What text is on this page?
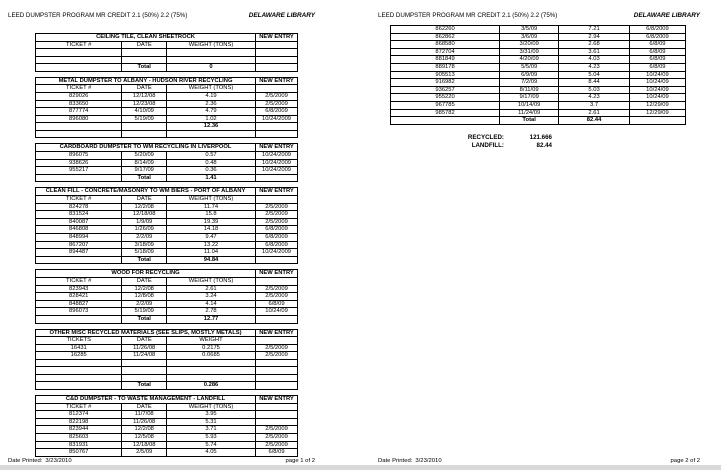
LEED DUMPSTER PROGRAM MR CREDIT 2.1 (50%) 2.2 (75%)	DELAWARE LIBRARY
CEILING TILE, CLEAN SHEETROCK			NEW ENTRY
TICKET #	DATE	WEIGHT (TONS)	

	Total	0	
METAL DUMPSTER TO ALBANY - HUDSON RIVER RECYCLING			NEW ENTRY
TICKET #	DATE	WEIGHT (TONS)	
829026	12/12/08	4.19	2/5/2009
833650	12/23/08	2.36	2/5/2009
877774	4/10/09	4.79	6/8/2009
896080	5/19/09	1.02	10/24/2009
		12.36	

CARDBOARD DUMPSTER TO WM RECYCLING IN LIVERPOOL			NEW ENTRY
896075	5/20/09	0.57	10/24/2009
938626	8/14/09	0.48	10/24/2009
955217	9/17/09	0.36	10/24/2009
	Total	1.41	
CLEAN FILL - CONCRETE/MASONRY TO WM BIERS - PORT OF ALBANY			NEW ENTRY
TICKET #	DATE	WEIGHT (TONS)	
824278	12/2/08	11.74	2/5/2009
831524	12/18/08	15.8	2/5/2009
840087	1/9/09	19.39	2/5/2009
846808	1/26/09	14.18	6/8/2009
848994	2/2/09	9.47	6/8/2009
867207	3/18/09	13.22	6/8/2009
894487	5/18/09	11.04	10/24/2009
	Total	94.84	
WOOD FOR RECYCLING			NEW ENTRY
TICKET #	DATE	WEIGHT (TONS)	
823943	12/2/08	2.61	2/5/2009
828421	12/8/08	3.24	2/5/2009
848827	2/2/09	4.14	6/8/09
896073	5/19/09	2.78	10/24/09
	Total	12.77	
OTHER MISC RECYCLED MATERIALS (SEE SLIPS, MOSTLY METALS)			NEW ENTRY
TICKETS	DATE	WEIGHT	
16431	11/26/08	0.2175	2/5/2009
16285	11/24/08	0.0685	2/5/2009

	Total	0.286	
C&D DUMPSTER - TO WASTE MANAGEMENT - LANDFILL			NEW ENTRY
TICKET #	DATE	WEIGHT (TONS)	
812374	11/7/08	3.95	
822198	11/26/08	5.31	
823944	12/2/08	3.71	2/5/2009
825603	12/5/08	5.93	2/5/2009
831931	12/18/08	5.74	2/5/2009
850767	2/5/09	4.05	6/8/09
Date Printed: 3/23/2010	page 1 of 2
LEED DUMPSTER PROGRAM MR CREDIT 2.1 (50%) 2.2 (75%)	DELAWARE LIBRARY
862260	3/5/09	7.21	6/8/2009
862862	3/6/09	2.94	6/8/2009
868580	3/20/09	2.68	6/8/09
872704	3/31/09	3.61	6/8/09
881849	4/20/09	4.03	6/8/09
889178	5/5/09	4.23	6/8/09
905513	6/9/09	5.04	10/24/09
916982	7/2/09	8.44	10/24/09
936257	8/11/09	5.03	10/24/09
955220	9/17/09	4.23	10/24/09
967785	10/14/09	3.7	12/29/09
985782	11/24/09	2.61	12/29/09
	Total	82.44	
RECYCLED:	121.666
LANDFILL:	82.44
Date Printed: 3/23/2010	page 2 of 2
